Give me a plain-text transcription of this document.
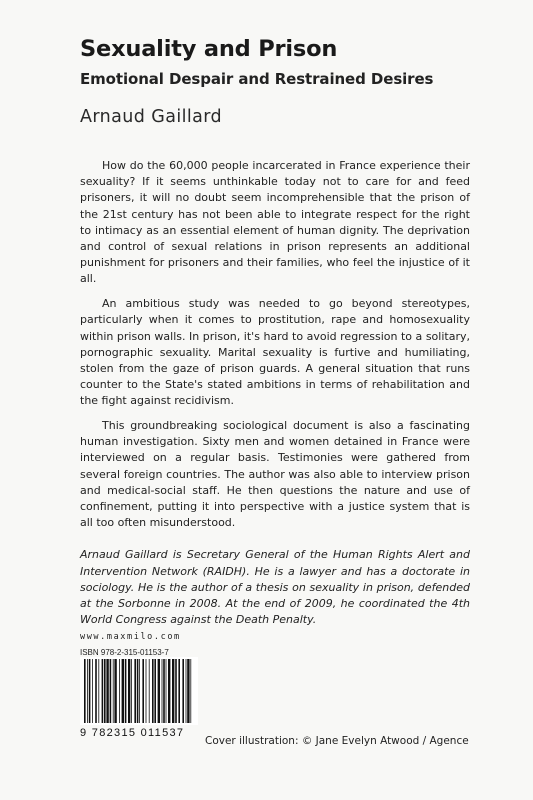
Sexuality and Prison
Emotional Despair and Restrained Desires
Arnaud Gaillard

How do the 60,000 people incarcerated in France experience their sexuality? If it seems unthinkable today not to care for and feed prisoners, it will no doubt seem incomprehensible that the prison of the 21st century has not been able to integrate respect for the right to intimacy as an essential element of human dignity. The deprivation and control of sexual relations in prison represents an additional punishment for prisoners and their families, who feel the injustice of it all.

An ambitious study was needed to go beyond stereotypes, particularly when it comes to prostitution, rape and homosexuality within prison walls. In prison, it's hard to avoid regression to a solitary, pornographic sexuality. Marital sexuality is furtive and humiliating, stolen from the gaze of prison guards. A general situation that runs counter to the State's stated ambitions in terms of rehabilitation and the fight against recidivism.

This groundbreaking sociological document is also a fascinating human investigation. Sixty men and women detained in France were interviewed on a regular basis. Testimonies were gathered from several foreign countries. The author was also able to interview prison and medical-social staff. He then questions the nature and use of confinement, putting it into perspective with a justice system that is all too often misunderstood.

Arnaud Gaillard is Secretary General of the Human Rights Alert and Intervention Network (RAIDH). He is a lawyer and has a doctorate in sociology. He is the author of a thesis on sexuality in prison, defended at the Sorbonne in 2008. At the end of 2009, he coordinated the 4th World Congress against the Death Penalty.

www.maxmilo.com
ISBN 978-2-315-01153-7
9 782315 011537
Cover illustration: © Jane Evelyn Atwood / Agence
